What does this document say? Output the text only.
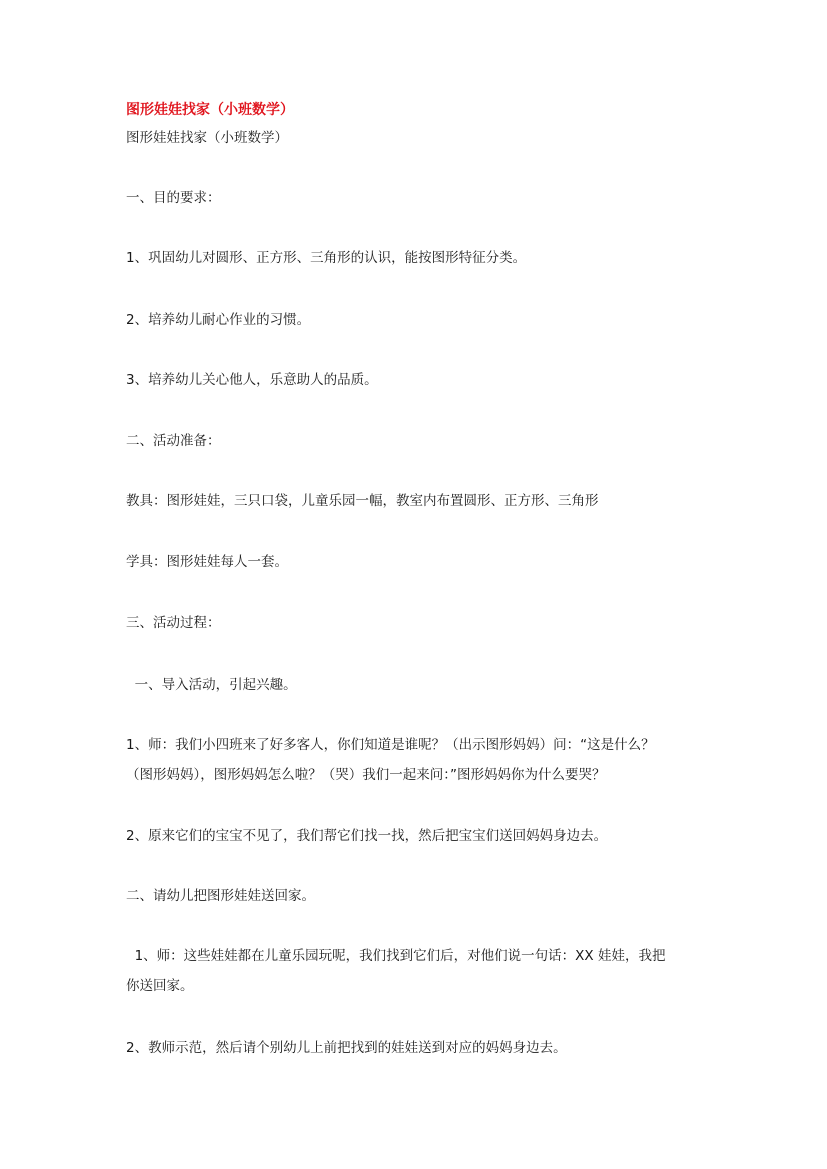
图形娃娃找家（小班数学）
图形娃娃找家（小班数学）
一、目的要求：
1、巩固幼儿对圆形、正方形、三角形的认识，能按图形特征分类。
2、培养幼儿耐心作业的习惯。
3、培养幼儿关心他人，乐意助人的品质。
二、活动准备：
教具：图形娃娃，三只口袋，儿童乐园一幅，教室内布置圆形、正方形、三角形
学具：图形娃娃每人一套。
三、活动过程：
一、导入活动，引起兴趣。
1、师：我们小四班来了好多客人，你们知道是谁呢？（出示图形妈妈）问：“这是什么？
（图形妈妈），图形妈妈怎么啦？（哭）我们一起来问：”图形妈妈你为什么要哭？
2、原来它们的宝宝不见了，我们帮它们找一找，然后把宝宝们送回妈妈身边去。
二、请幼儿把图形娃娃送回家。
1、师：这些娃娃都在儿童乐园玩呢，我们找到它们后，对他们说一句话：XX 娃娃，我把
你送回家。
2、教师示范，然后请个别幼儿上前把找到的娃娃送到对应的妈妈身边去。
